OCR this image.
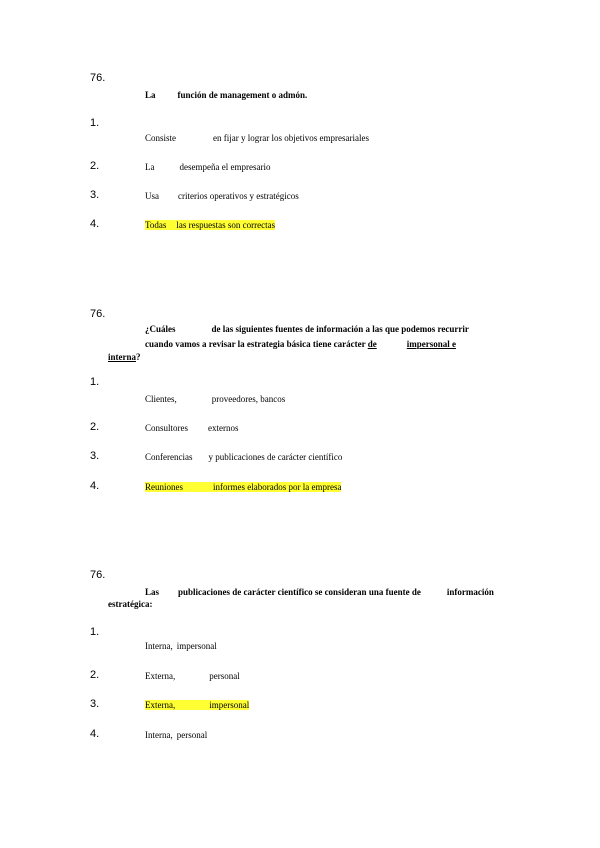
76.
La función de management o admón.
1.
Consiste	en fijar y lograr los objetivos empresariales
2.	La	desempeña el empresario
3.	Usa criterios operativos y estratégicos
4.	Todas las respuestas son correctas
76.
¿Cuáles	de las siguientes fuentes de información a las que podemos recurrir
cuando vamos a revisar la estrategia básica tiene carácter de	impersonal e
interna?
1.
Clientes,	proveedores, bancos
2.	Consultores externos
3.	Conferencias y publicaciones de carácter científico
4.	Reuniones	informes elaborados por la empresa
76.
Las publicaciones de carácter científico se consideran una fuente de	información
estratégica:
1.
Interna, impersonal
2.	Externa,	personal
3.	Externa,	impersonal
4.	Interna, personal
